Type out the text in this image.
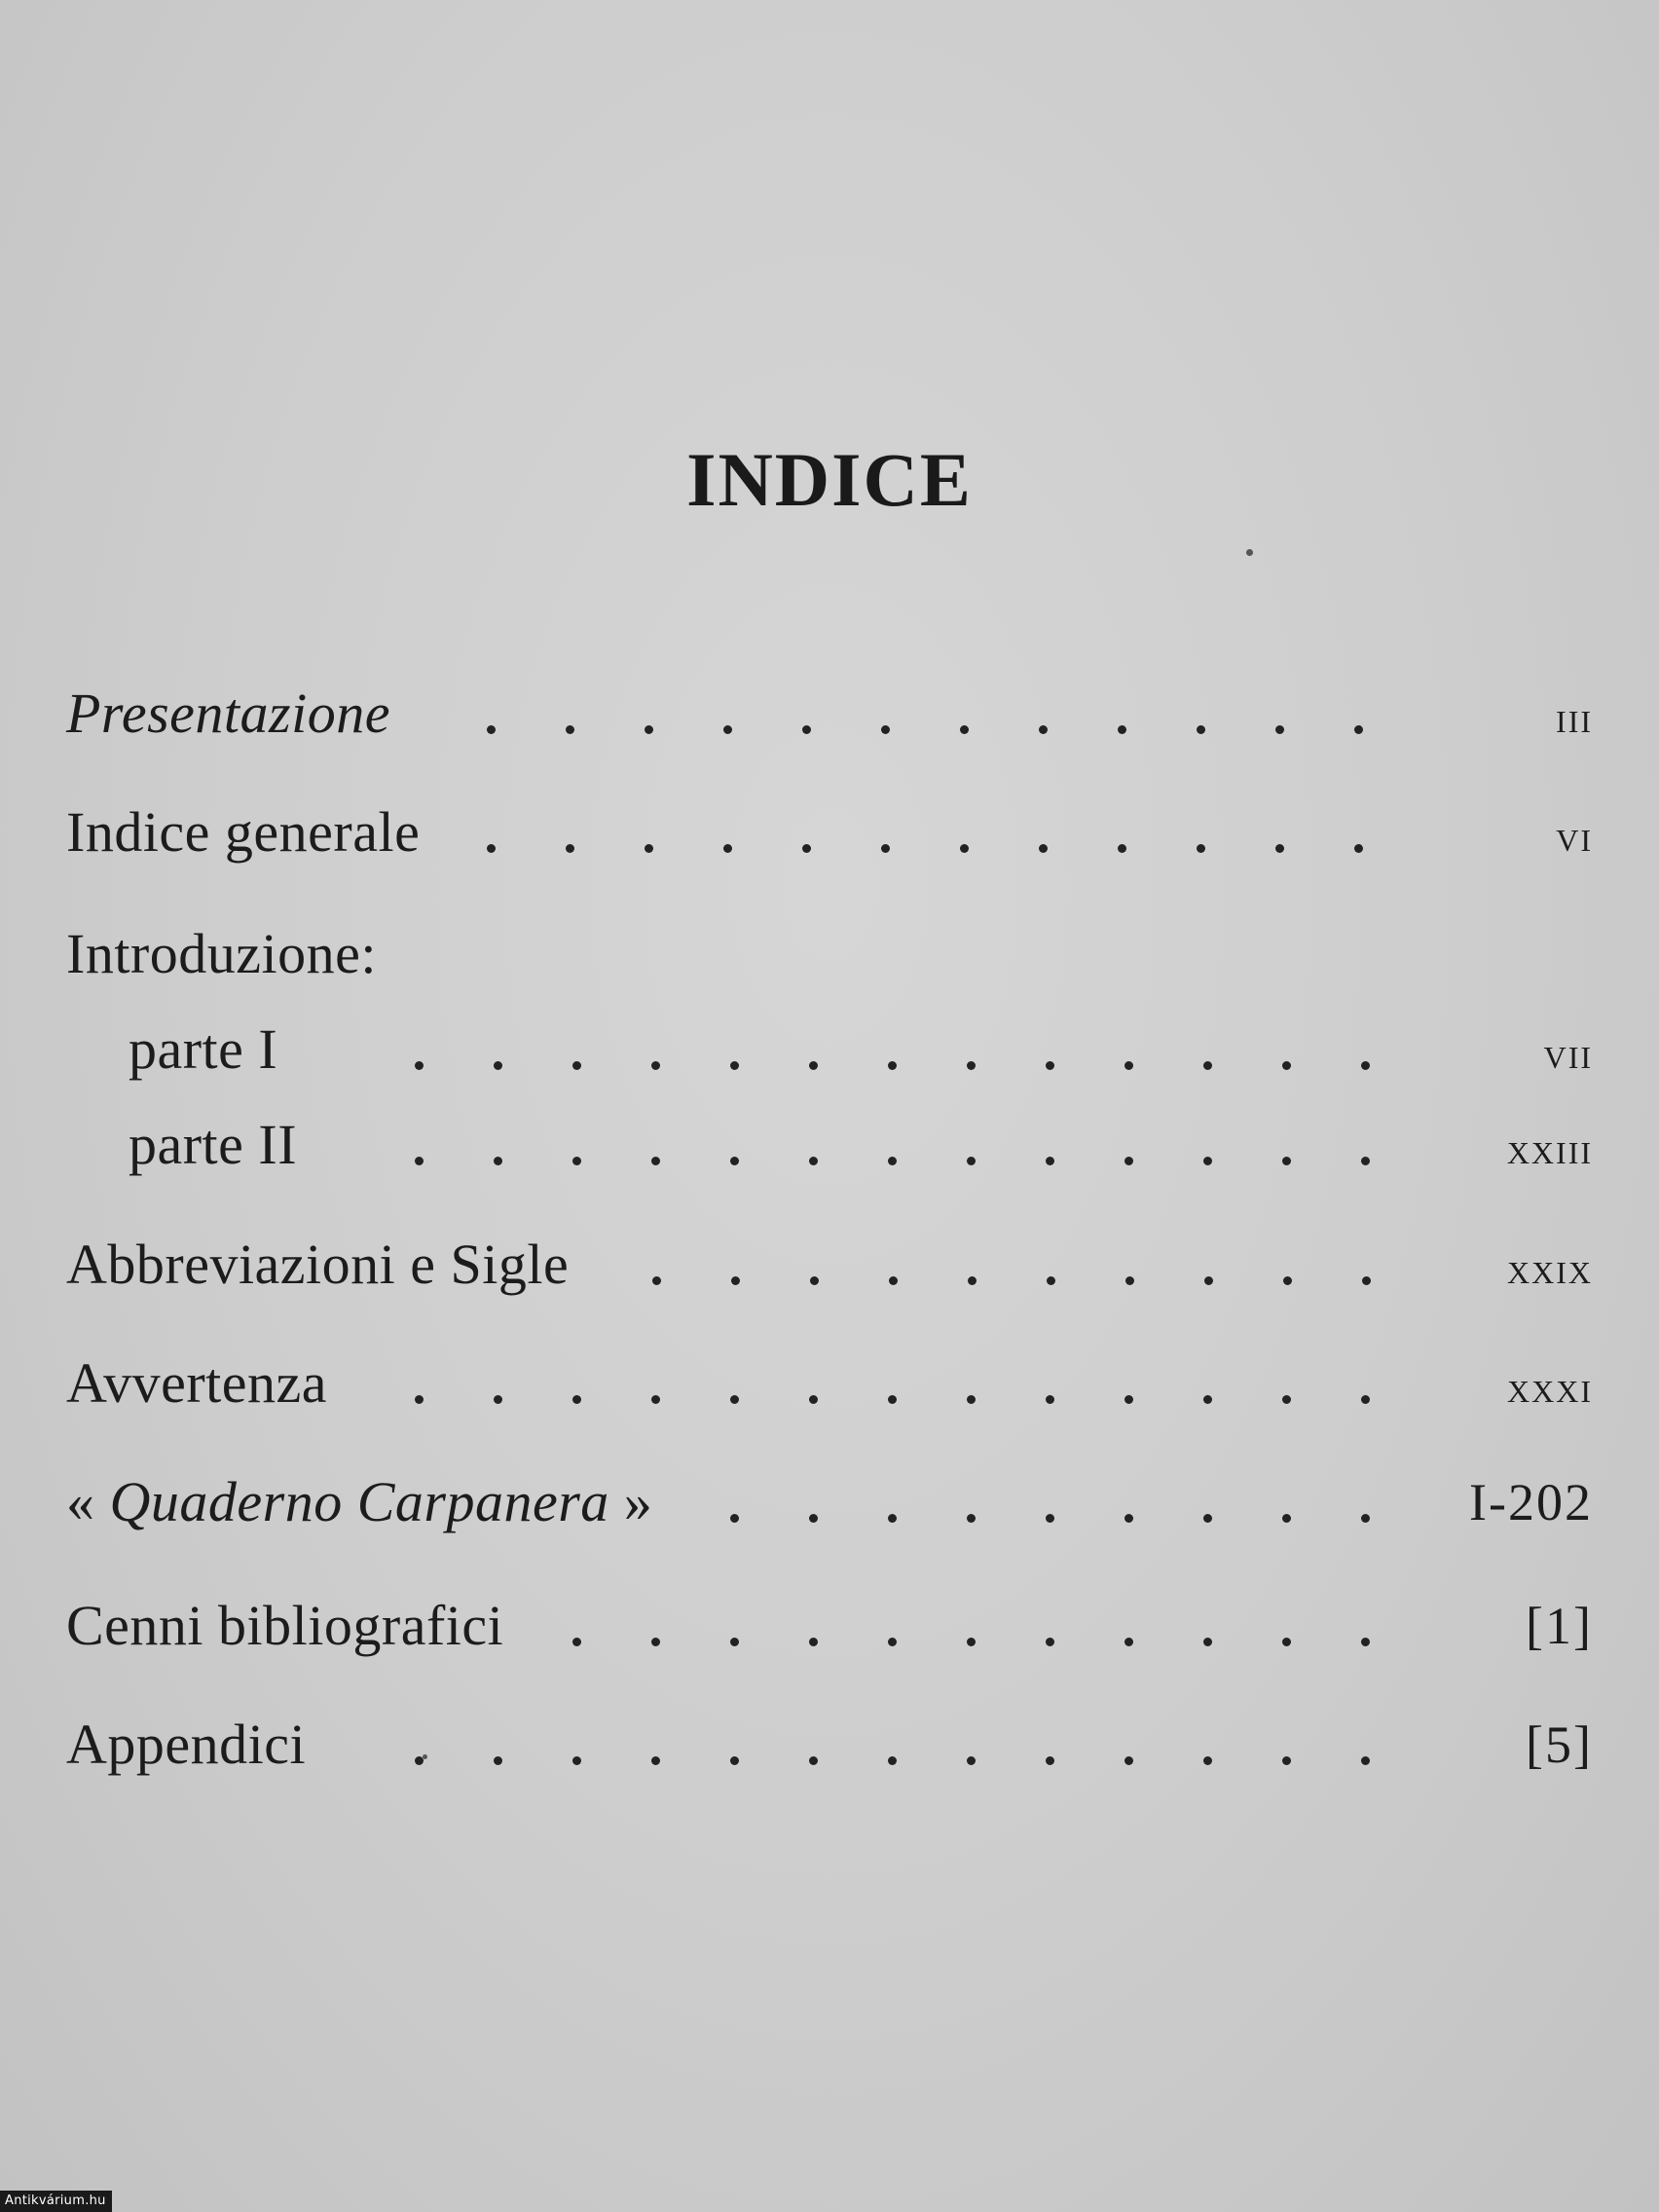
INDICE
Presentazione	iii
Indice generale	vi
Introduzione:
parte I	vii
parte II	xxiii
Abbreviazioni e Sigle	xxix
Avvertenza	xxxi
« Quaderno Carpanera »	I-202
Cenni bibliografici	[1]
Appendici	[5]
Antikvárium.hu
